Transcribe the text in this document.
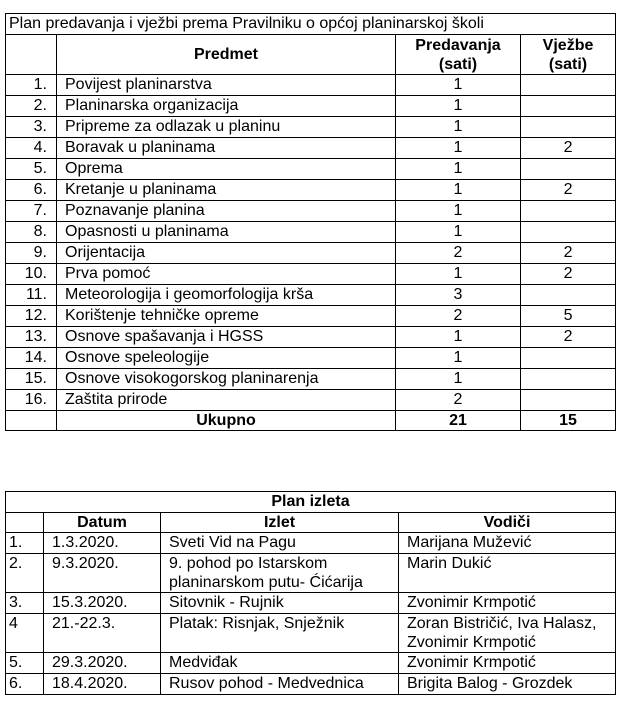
Plan predavanja i vježbi prema Pravilniku o općoj planinarskoj školi			
	Predmet	Predavanja (sati)	Vježbe (sati)
1.	Povijest planinarstva	1	
2.	Planinarska organizacija	1	
3.	Pripreme za odlazak u planinu	1	
4.	Boravak u planinama	1	2
5.	Oprema	1	
6.	Kretanje u planinama	1	2
7.	Poznavanje planina	1	
8.	Opasnosti u planinama	1	
9.	Orijentacija	2	2
10.	Prva pomoć	1	2
11.	Meteorologija i geomorfologija krša	3	
12.	Korištenje tehničke opreme	2	5
13.	Osnove spašavanja i HGSS	1	2
14.	Osnove speleologije	1	
15.	Osnove visokogorskog planinarenja	1	
16.	Zaštita prirode	2	
	Ukupno	21	15
Plan izleta			
	Datum	Izlet	Vodiči
1.	1.3.2020.	Sveti Vid na Pagu	Marijana Mužević
2.	9.3.2020.	9. pohod po Istarskom planinarskom putu- Ćićarija	Marin Dukić
3.	15.3.2020.	Sitovnik - Rujnik	Zvonimir Krmpotić
4	21.-22.3.	Platak: Risnjak, Snježnik	Zoran Bistričić, Iva Halasz, Zvonimir Krmpotić
5.	29.3.2020.	Medviđak	Zvonimir Krmpotić
6.	18.4.2020.	Rusov pohod - Medvednica	Brigita Balog - Grozdek
